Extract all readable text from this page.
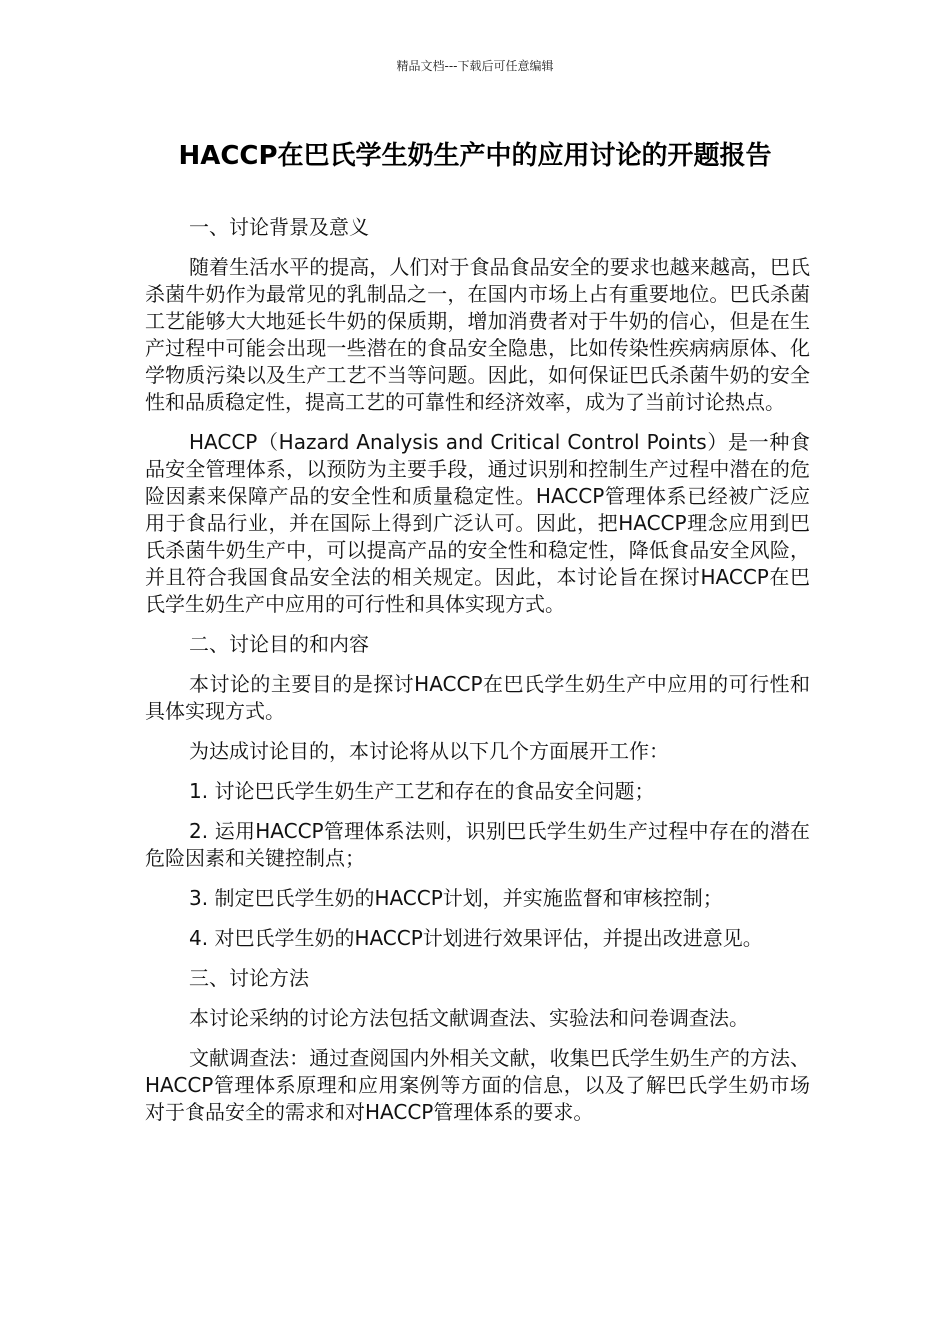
精品文档---下载后可任意编辑
HACCP在巴氏学生奶生产中的应用讨论的开题报告

一、讨论背景及意义

随着生活水平的提高，人们对于食品食品安全的要求也越来越高，巴氏杀菌牛奶作为最常见的乳制品之一，在国内市场上占有重要地位。巴氏杀菌工艺能够大大地延长牛奶的保质期，增加消费者对于牛奶的信心，但是在生产过程中可能会出现一些潜在的食品安全隐患，比如传染性疾病病原体、化学物质污染以及生产工艺不当等问题。因此，如何保证巴氏杀菌牛奶的安全性和品质稳定性，提高工艺的可靠性和经济效率，成为了当前讨论热点。

HACCP（Hazard Analysis and Critical Control Points）是一种食品安全管理体系，以预防为主要手段，通过识别和控制生产过程中潜在的危险因素来保障产品的安全性和质量稳定性。HACCP管理体系已经被广泛应用于食品行业，并在国际上得到广泛认可。因此，把HACCP理念应用到巴氏杀菌牛奶生产中，可以提高产品的安全性和稳定性，降低食品安全风险，并且符合我国食品安全法的相关规定。因此，本讨论旨在探讨HACCP在巴氏学生奶生产中应用的可行性和具体实现方式。

二、讨论目的和内容

本讨论的主要目的是探讨HACCP在巴氏学生奶生产中应用的可行性和具体实现方式。

为达成讨论目的，本讨论将从以下几个方面展开工作：

1. 讨论巴氏学生奶生产工艺和存在的食品安全问题；

2. 运用HACCP管理体系法则，识别巴氏学生奶生产过程中存在的潜在危险因素和关键控制点；

3. 制定巴氏学生奶的HACCP计划，并实施监督和审核控制；

4. 对巴氏学生奶的HACCP计划进行效果评估，并提出改进意见。

三、讨论方法

本讨论采纳的讨论方法包括文献调查法、实验法和问卷调查法。

文献调查法：通过查阅国内外相关文献，收集巴氏学生奶生产的方法、HACCP管理体系原理和应用案例等方面的信息，以及了解巴氏学生奶市场对于食品安全的需求和对HACCP管理体系的要求。
